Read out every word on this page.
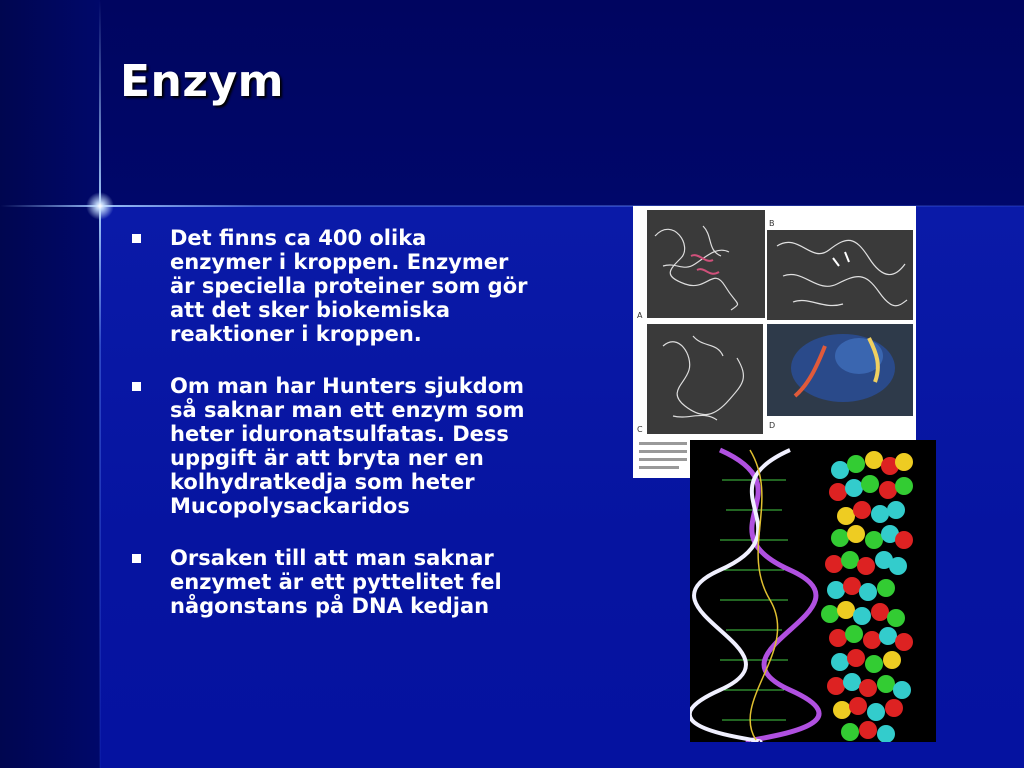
Enzym
Det finns ca 400 olika enzymer i kroppen. Enzymer är speciella proteiner som gör att det sker biokemiska reaktioner i kroppen.
Om man har Hunters sjukdom så saknar man ett enzym som heter iduronatsulfatas. Dess uppgift är att bryta ner en kolhydratkedja som heter Mucopolysackaridos
Orsaken till att man saknar enzymet är ett pyttelitet fel någonstans på DNA kedjan
A
B
C	D
